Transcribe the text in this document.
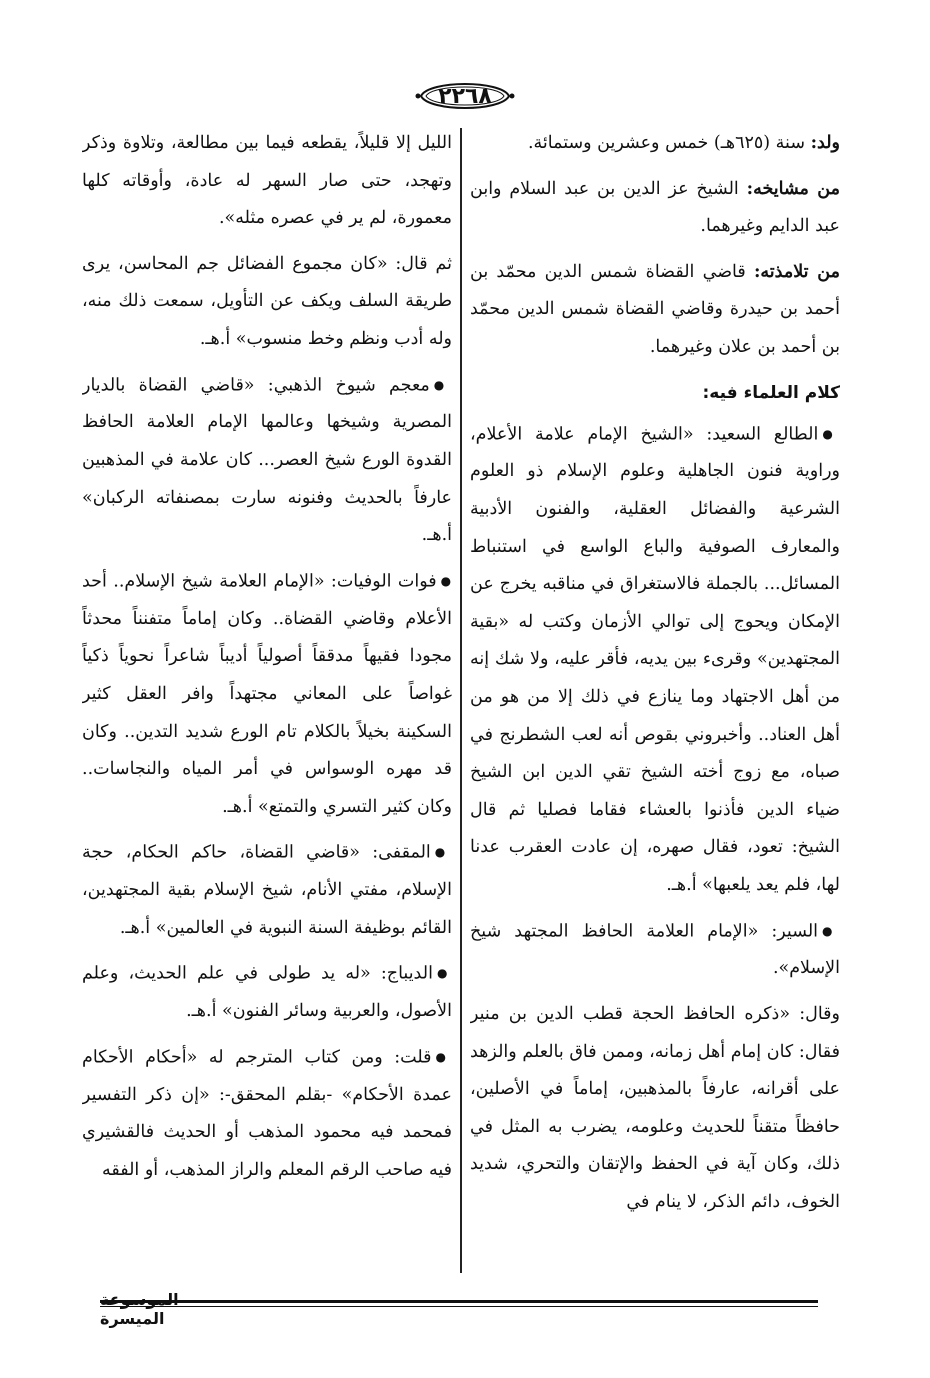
٢٢٦٨

ولد: سنة (٦٢٥هـ) خمس وعشرين وستمائة.

من مشايخه: الشيخ عز الدين بن عبد السلام وابن عبد الدايم وغيرهما.

من تلامذته: قاضي القضاة شمس الدين محمّد بن أحمد بن حيدرة وقاضي القضاة شمس الدين محمّد بن أحمد بن علان وغيرهما.

كلام العلماء فيه:

●الطالع السعيد: «الشيخ الإمام علامة الأعلام، وراوية فنون الجاهلية وعلوم الإسلام ذو العلوم الشرعية والفضائل العقلية، والفنون الأدبية والمعارف الصوفية والباع الواسع في استنباط المسائل... بالجملة فالاستغراق في مناقبه يخرج عن الإمكان ويحوج إلى توالي الأزمان وكتب له «بقية المجتهدين» وقرىء بين يديه، فأقر عليه، ولا شك إنه من أهل الاجتهاد وما ينازع في ذلك إلا من هو من أهل العناد.. وأخبروني بقوص أنه لعب الشطرنج في صباه، مع زوج أخته الشيخ تقي الدين ابن الشيخ ضياء الدين فأذنوا بالعشاء فقاما فصليا ثم قال الشيخ: تعود، فقال صهره، إن عادت العقرب عدنا لها، فلم يعد يلعبها» أ.هـ.

●السير: «الإمام العلامة الحافظ المجتهد شيخ الإسلام».

وقال: «ذكره الحافظ الحجة قطب الدين بن منير فقال: كان إمام أهل زمانه، وممن فاق بالعلم والزهد على أقرانه، عارفاً بالمذهبين، إماماً في الأصلين، حافظاً متقناً للحديث وعلومه، يضرب به المثل في ذلك، وكان آية في الحفظ والإتقان والتحري، شديد الخوف، دائم الذكر، لا ينام في

الليل إلا قليلاً، يقطعه فيما بين مطالعة، وتلاوة وذكر وتهجد، حتى صار السهر له عادة، وأوقاته كلها معمورة، لم ير في عصره مثله».

ثم قال: «كان مجموع الفضائل جم المحاسن، يرى طريقة السلف ويكف عن التأويل، سمعت ذلك منه، وله أدب ونظم وخط منسوب» أ.هـ.

●معجم شيوخ الذهبي: «قاضي القضاة بالديار المصرية وشيخها وعالمها الإمام العلامة الحافظ القدوة الورع شيخ العصر... كان علامة في المذهبين عارفاً بالحديث وفنونه سارت بمصنفاته الركبان» أ.هـ.

●فوات الوفيات: «الإمام العلامة شيخ الإسلام.. أحد الأعلام وقاضي القضاة.. وكان إماماً متفنناً محدثاً مجودا فقيهاً مدققاً أصولياً أديباً شاعراً نحوياً ذكياً غواصاً على المعاني مجتهداً وافر العقل كثير السكينة بخيلاً بالكلام تام الورع شديد التدين.. وكان قد مهره الوسواس في أمر المياه والنجاسات.. وكان كثير التسري والتمتع» أ.هـ.

●المقفى: «قاضي القضاة، حاكم الحكام، حجة الإسلام، مفتي الأنام، شيخ الإسلام بقية المجتهدين، القائم بوظيفة السنة النبوية في العالمين» أ.هـ.

●الديباج: «له يد طولى في علم الحديث، وعلم الأصول، والعربية وسائر الفنون» أ.هـ.

●قلت: ومن كتاب المترجم له «أحكام الأحكام عمدة الأحكام» -بقلم المحقق-: «إن ذكر التفسير فمحمد فيه محمود المذهب أو الحديث فالقشيري فيه صاحب الرقم المعلم والراز المذهب، أو الفقه

الموسوعة الميسرة
